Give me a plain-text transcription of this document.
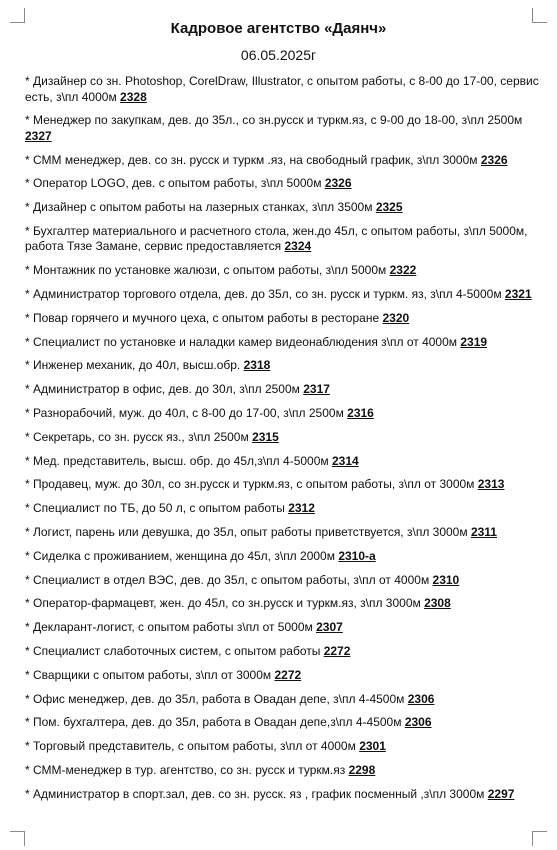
Кадровое агентство «Даянч»
06.05.2025г
* Дизайнер со зн. Photoshop, CorelDraw, Illustrator, с опытом работы, с 8-00 до 17-00, сервис есть, з\пл 4000м 2328
* Менеджер по закупкам, дев. до 35л., со зн.русск и туркм.яз, с 9-00 до 18-00, з\пл 2500м 2327
* СММ менеджер, дев. со зн. русск и туркм .яз, на свободный график, з\пл 3000м 2326
* Оператор LOGO, дев. с опытом работы, з\пл 5000м 2326
* Дизайнер с опытом работы на лазерных станках, з\пл 3500м 2325
* Бухгалтер материального и расчетного стола, жен.до 45л, с опытом работы, з\пл 5000м, работа Тязе Замане, сервис предоставляется 2324
* Монтажник по установке жалюзи, с опытом работы, з\пл 5000м 2322
* Администратор торгового отдела, дев. до 35л, со зн. русск и туркм. яз, з\пл 4-5000м 2321
* Повар горячего и мучного цеха, с опытом работы в ресторане 2320
* Специалист по установке и наладки камер видеонаблюдения з\пл от 4000м 2319
* Инженер механик, до 40л, высш.обр. 2318
* Администратор в офис, дев. до 30л, з\пл 2500м 2317
* Разнорабочий, муж. до 40л, с 8-00 до 17-00, з\пл 2500м 2316
* Секретарь, со зн. русск яз., з\пл 2500м 2315
* Мед. представитель, высш. обр. до 45л,з\пл 4-5000м 2314
* Продавец, муж. до 30л, со зн.русск и туркм.яз, с опытом работы, з\пл от 3000м 2313
* Специалист по ТБ, до 50 л, с опытом работы 2312
* Логист, парень или девушка, до 35л, опыт работы приветствуется, з\пл 3000м 2311
* Сиделка с проживанием, женщина до 45л, з\пл 2000м 2310-а
* Специалист в отдел ВЭС, дев. до 35л, с опытом работы, з\пл от 4000м 2310
* Оператор-фармацевт, жен. до 45л, со зн.русск и туркм.яз, з\пл 3000м 2308
* Декларант-логист, с опытом работы з\пл от 5000м 2307
* Специалист слаботочных систем, с опытом работы 2272
* Сварщики с опытом работы, з\пл от 3000м 2272
* Офис менеджер, дев. до 35л, работа в Овадан депе, з\пл 4-4500м 2306
* Пом. бухгалтера, дев. до 35л, работа в Овадан депе,з\пл 4-4500м 2306
* Торговый представитель, с опытом работы, з\пл от 4000м 2301
* СММ-менеджер в тур. агентство, со зн. русск и туркм.яз 2298
* Администратор в спорт.зал, дев. со зн. русск. яз , график посменный ,з\пл 3000м 2297
